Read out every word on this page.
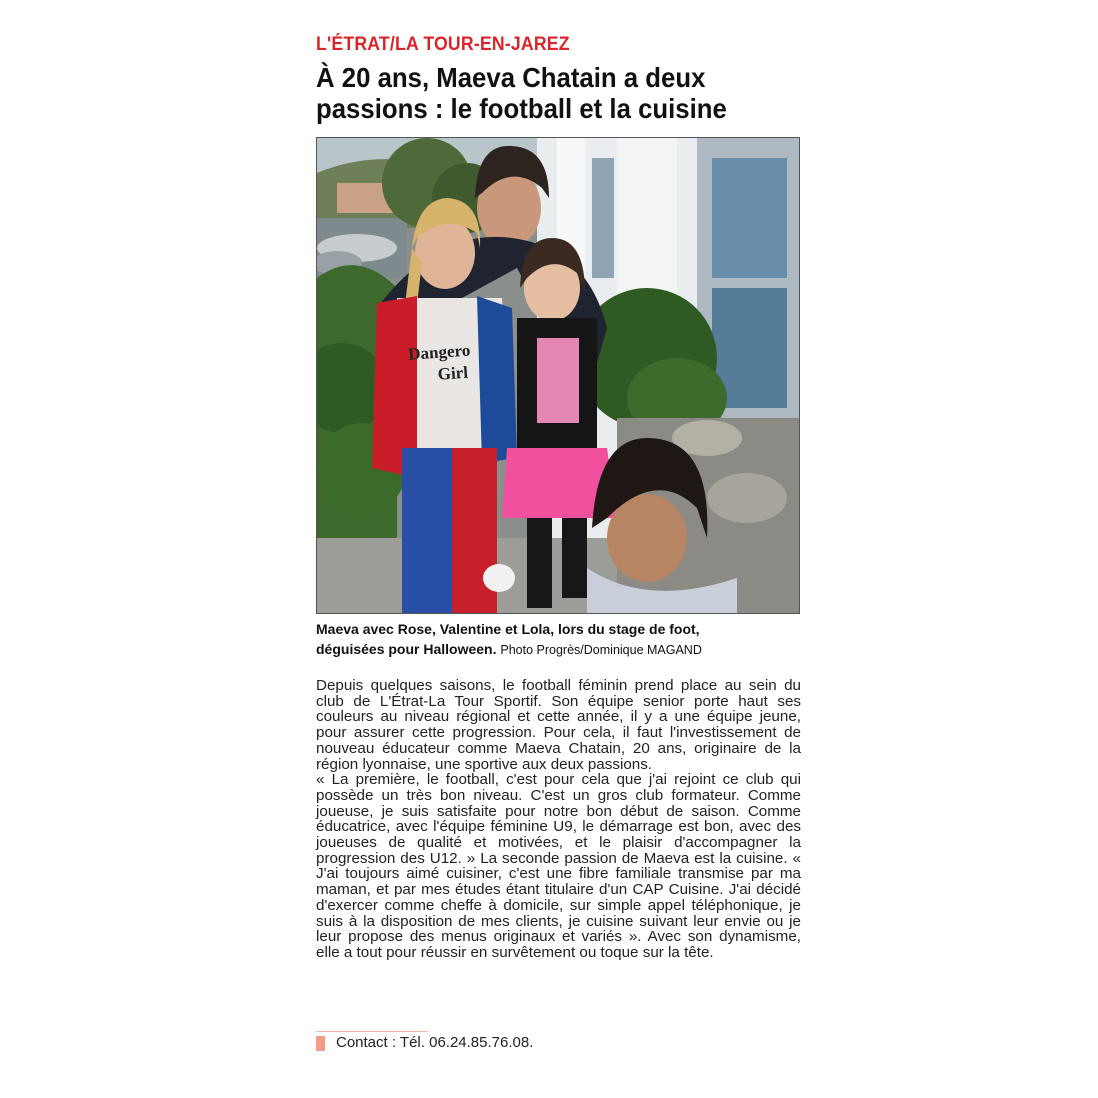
L'ÉTRAT/LA TOUR-EN-JAREZ
À 20 ans, Maeva Chatain a deux
passions : le football et la cuisine
Dangero
Girl
Maeva avec Rose, Valentine et Lola, lors du stage de foot,
déguisées pour Halloween. Photo Progrès/Dominique MAGAND

Depuis quelques saisons, le football féminin prend place au sein du club de L'Étrat-La Tour Sportif. Son équipe senior porte haut ses couleurs au niveau régional et cette année, il y a une équipe jeune, pour assurer cette progression. Pour cela, il faut l'investissement de nouveau éducateur comme Maeva Chatain, 20 ans, originaire de la région lyonnaise, une sportive aux deux passions.

« La première, le football, c'est pour cela que j'ai rejoint ce club qui possède un très bon niveau. C'est un gros club formateur. Comme joueuse, je suis satisfaite pour notre bon début de saison. Comme éducatrice, avec l'équipe féminine U9, le démarrage est bon, avec des joueuses de qualité et motivées, et le plaisir d'accompagner la progression des U12. » La seconde passion de Maeva est la cuisine. « J'ai toujours aimé cuisiner, c'est une fibre familiale transmise par ma maman, et par mes études étant titulaire d'un CAP Cuisine. J'ai décidé d'exercer comme cheffe à domicile, sur simple appel téléphonique, je suis à la disposition de mes clients, je cuisine suivant leur envie ou je leur propose des menus originaux et variés ». Avec son dynamisme, elle a tout pour réussir en survêtement ou toque sur la tête.

Contact : Tél. 06.24.85.76.08.
